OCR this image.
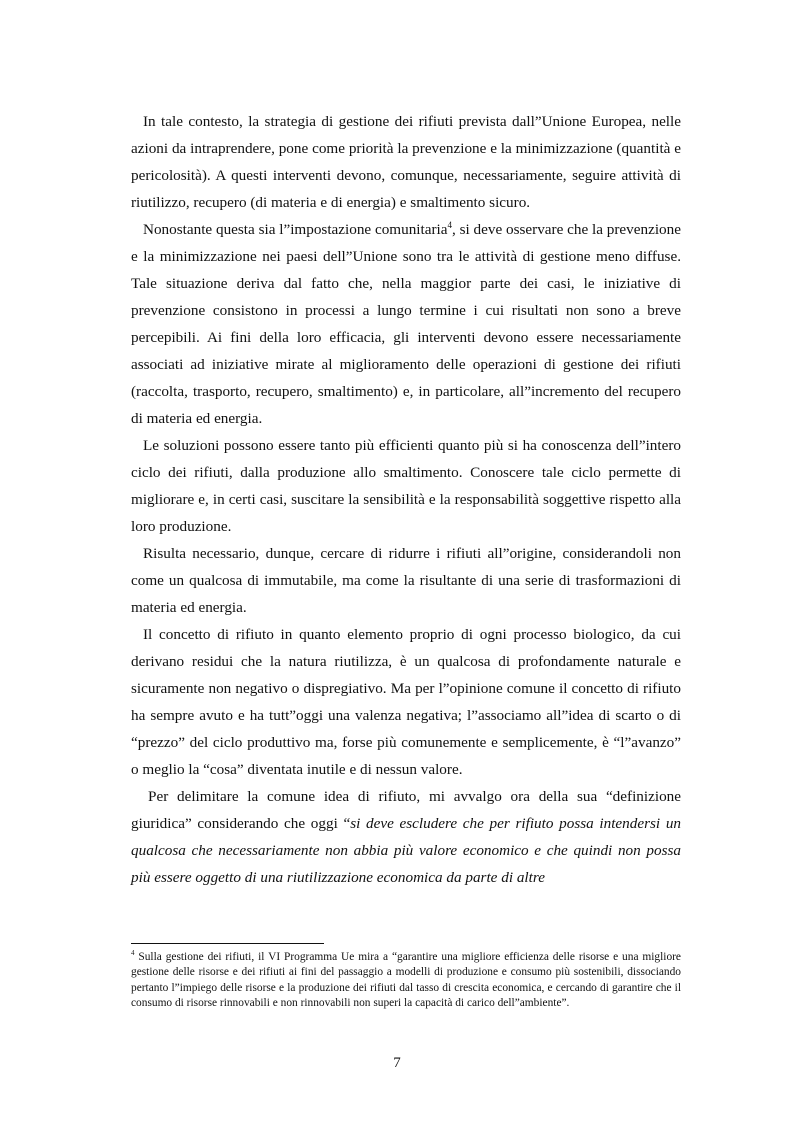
In tale contesto, la strategia di gestione dei rifiuti prevista dall”Unione Europea, nelle azioni da intraprendere, pone come priorità la prevenzione e la minimizzazione (quantità e pericolosità). A questi interventi devono, comunque, necessariamente, seguire attività di riutilizzo, recupero (di materia e di energia) e smaltimento sicuro.

Nonostante questa sia l”impostazione comunitaria$^4$, si deve osservare che la prevenzione e la minimizzazione nei paesi dell”Unione sono tra le attività di gestione meno diffuse. Tale situazione deriva dal fatto che, nella maggior parte dei casi, le iniziative di prevenzione consistono in processi a lungo termine i cui risultati non sono a breve percepibili. Ai fini della loro efficacia, gli interventi devono essere necessariamente associati ad iniziative mirate al miglioramento delle operazioni di gestione dei rifiuti (raccolta, trasporto, recupero, smaltimento) e, in particolare, all”incremento del recupero di materia ed energia.

Le soluzioni possono essere tanto più efficienti quanto più si ha conoscenza dell”intero ciclo dei rifiuti, dalla produzione allo smaltimento. Conoscere tale ciclo permette di migliorare e, in certi casi, suscitare la sensibilità e la responsabilità soggettive rispetto alla loro produzione.

Risulta necessario, dunque, cercare di ridurre i rifiuti all”origine, considerandoli non come un qualcosa di immutabile, ma come la risultante di una serie di trasformazioni di materia ed energia.

Il concetto di rifiuto in quanto elemento proprio di ogni processo biologico, da cui derivano residui che la natura riutilizza, è un qualcosa di profondamente naturale e sicuramente non negativo o dispregiativo. Ma per l”opinione comune il concetto di rifiuto ha sempre avuto e ha tutt”oggi una valenza negativa; l”associamo all”idea di scarto o di “prezzo” del ciclo produttivo ma, forse più comunemente e semplicemente, è “l”avanzo” o meglio la “cosa” diventata inutile e di nessun valore.

Per delimitare la comune idea di rifiuto, mi avvalgo ora della sua “definizione giuridica” considerando che oggi “si deve escludere che per rifiuto possa intendersi un qualcosa che necessariamente non abbia più valore economico e che quindi non possa più essere oggetto di una riutilizzazione economica da parte di altre

$^4$ Sulla gestione dei rifiuti, il VI Programma Ue mira a “garantire una migliore efficienza delle risorse e una migliore gestione delle risorse e dei rifiuti ai fini del passaggio a modelli di produzione e consumo più sostenibili, dissociando pertanto l”impiego delle risorse e la produzione dei rifiuti dal tasso di crescita economica, e cercando di garantire che il consumo di risorse rinnovabili e non rinnovabili non superi la capacità di carico dell”ambiente”.

7
